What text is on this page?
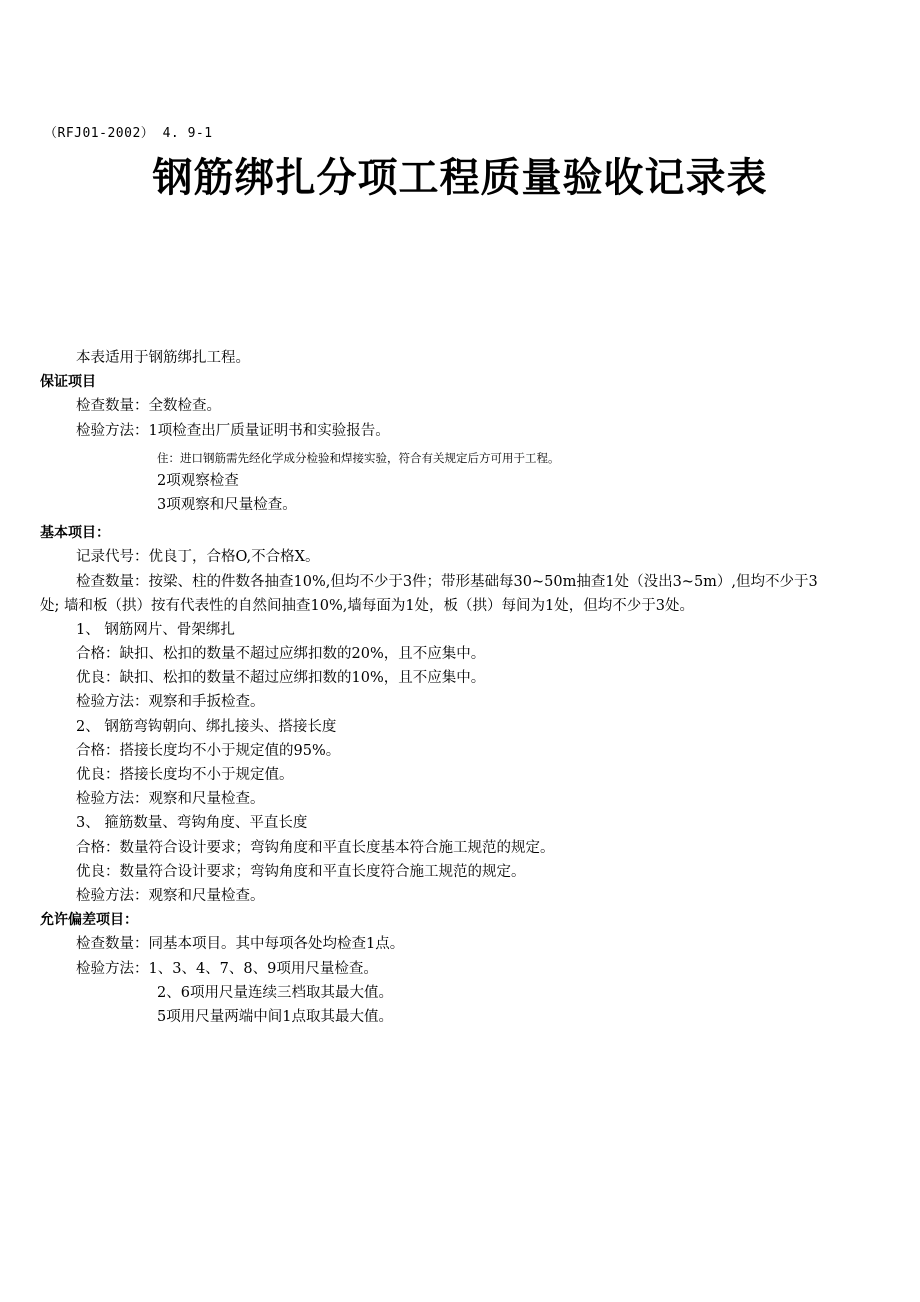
（RFJ01-2002） 4. 9-1
钢筋绑扎分项工程质量验收记录表
本表适用于钢筋绑扎工程。
保证项目
检查数量：全数检查。
检验方法：1项检查出厂质量证明书和实验报告。
住：进口钢筋需先经化学成分检验和焊接实验，符合有关规定后方可用于工程。
2项观察检查
3项观察和尺量检查。
基本项目：
记录代号：优良丁，合格O,不合格X。
检查数量：按梁、柱的件数各抽查10%,但均不少于3件；带形基础每30~50m抽查1处（没出3~5m）,但均不少于3
处; 墙和板（拱）按有代表性的自然间抽查10%,墙每面为1处，板（拱）每间为1处，但均不少于3处。
1、 钢筋网片、骨架绑扎
合格：缺扣、松扣的数量不超过应绑扣数的20%，且不应集中。
优良：缺扣、松扣的数量不超过应绑扣数的10%，且不应集中。
检验方法：观察和手扳检查。
2、 钢筋弯钩朝向、绑扎接头、搭接长度
合格：搭接长度均不小于规定值的95%。
优良：搭接长度均不小于规定值。
检验方法：观察和尺量检查。
3、 箍筋数量、弯钩角度、平直长度
合格：数量符合设计要求；弯钩角度和平直长度基本符合施工规范的规定。
优良：数量符合设计要求；弯钩角度和平直长度符合施工规范的规定。
检验方法：观察和尺量检查。
允许偏差项目：
检查数量：同基本项目。其中每项各处均检查1点。
检验方法：1、3、4、7、8、9项用尺量检查。
2、6项用尺量连续三档取其最大值。
5项用尺量两端中间1点取其最大值。
